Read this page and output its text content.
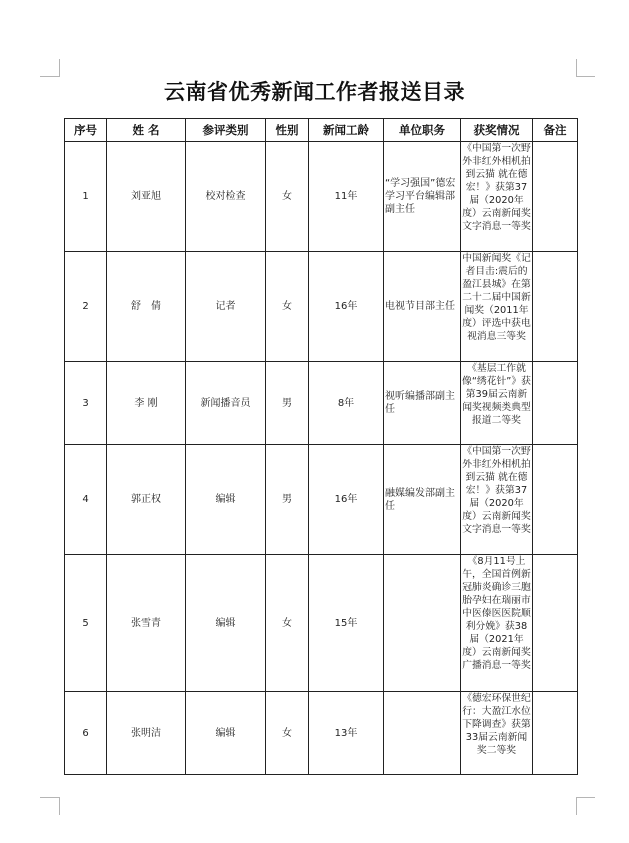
云南省优秀新闻工作者报送目录
序号	姓 名	参评类别	性别	新闻工龄	单位职务	获奖情况	备注
1	刘亚旭	校对检查	女	11年	“学习强国”德宏学习平台编辑部副主任	《中国第一次野外非红外相机拍到云猫 就在德宏！》获第37届（2020年度）云南新闻奖文字消息一等奖	
2	舒　倩	记者	女	16年	电视节目部主任	中国新闻奖《记者目击:震后的盈江县城》在第二十二届中国新闻奖（2011年度）评选中获电视消息三等奖	
3	李 刚	新闻播音员	男	8年	视听编播部副主任	《基层工作就像“绣花针”》获第39届云南新闻奖视频类典型报道二等奖	
4	郭正权	编辑	男	16年	融媒编发部副主任	《中国第一次野外非红外相机拍到云猫 就在德宏！》获第37届（2020年度）云南新闻奖文字消息一等奖	
5	张雪青	编辑	女	15年		《8月11号上午，全国首例新冠肺炎确诊三胞胎孕妇在瑞丽市中医傣医医院顺利分娩》获38届（2021年度）云南新闻奖广播消息一等奖	
6	张明洁	编辑	女	13年		《德宏环保世纪行：大盈江水位下降调查》获第33届云南新闻奖二等奖	
